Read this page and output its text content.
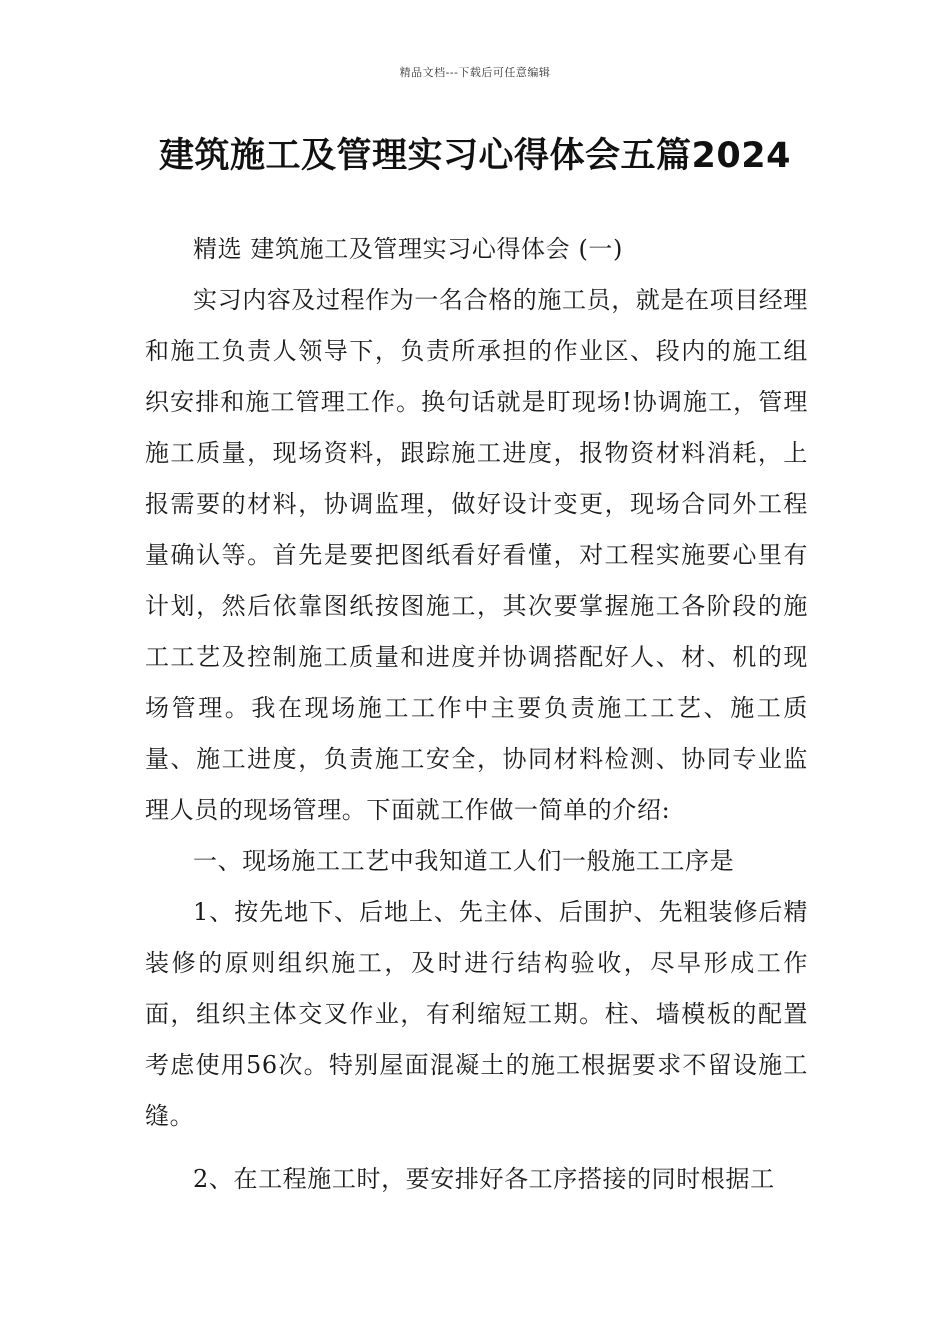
精品文档---下载后可任意编辑
建筑施工及管理实习心得体会五篇2024

精选 建筑施工及管理实习心得体会 (一)

实习内容及过程作为一名合格的施工员，就是在项目经理和施工负责人领导下，负责所承担的作业区、段内的施工组织安排和施工管理工作。换句话就是盯现场!协调施工，管理施工质量，现场资料，跟踪施工进度，报物资材料消耗，上报需要的材料，协调监理，做好设计变更，现场合同外工程量确认等。首先是要把图纸看好看懂，对工程实施要心里有计划，然后依靠图纸按图施工，其次要掌握施工各阶段的施工工艺及控制施工质量和进度并协调搭配好人、材、机的现场管理。我在现场施工工作中主要负责施工工艺、施工质量、施工进度，负责施工安全，协同材料检测、协同专业监理人员的现场管理。下面就工作做一简单的介绍:

一、现场施工工艺中我知道工人们一般施工工序是

1、按先地下、后地上、先主体、后围护、先粗装修后精装修的原则组织施工，及时进行结构验收，尽早形成工作面，组织主体交叉作业，有利缩短工期。柱、墙模板的配置考虑使用56次。特别屋面混凝土的施工根据要求不留设施工缝。

2、在工程施工时，要安排好各工序搭接的同时根据工
